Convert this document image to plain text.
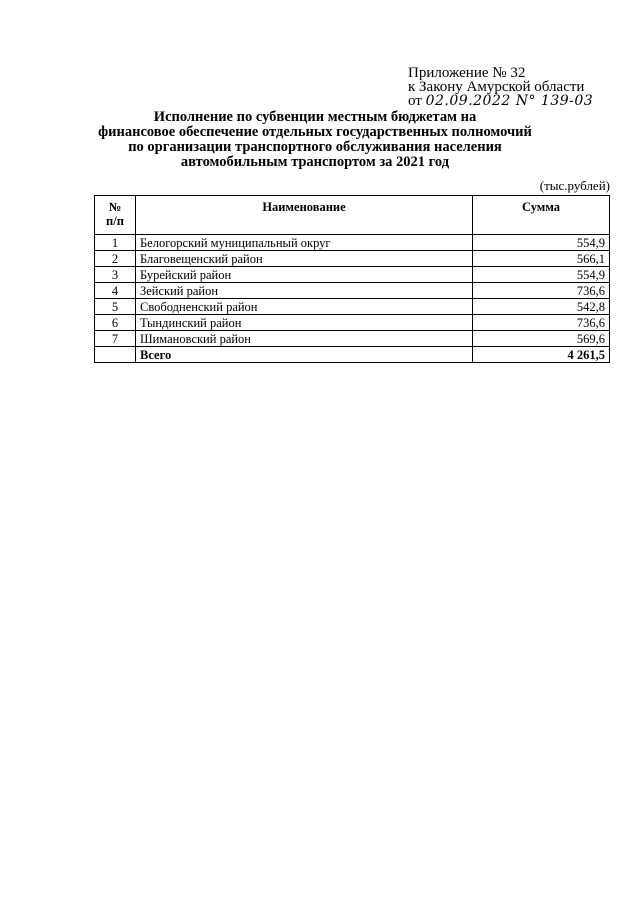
Приложение № 32
к Закону Амурской области
от 02.09.2022 N° 139-03
Исполнение по субвенции местным бюджетам на
финансовое обеспечение отдельных государственных полномочий
по организации транспортного обслуживания населения
автомобильным транспортом за 2021 год
(тыс.рублей)
№
п/п	Наименование	Сумма
1	Белогорский муниципальный округ	554,9
2	Благовещенский район	566,1
3	Бурейский район	554,9
4	Зейский район	736,6
5	Свободненский район	542,8
6	Тындинский район	736,6
7	Шимановский район	569,6
	Всего	4 261,5
